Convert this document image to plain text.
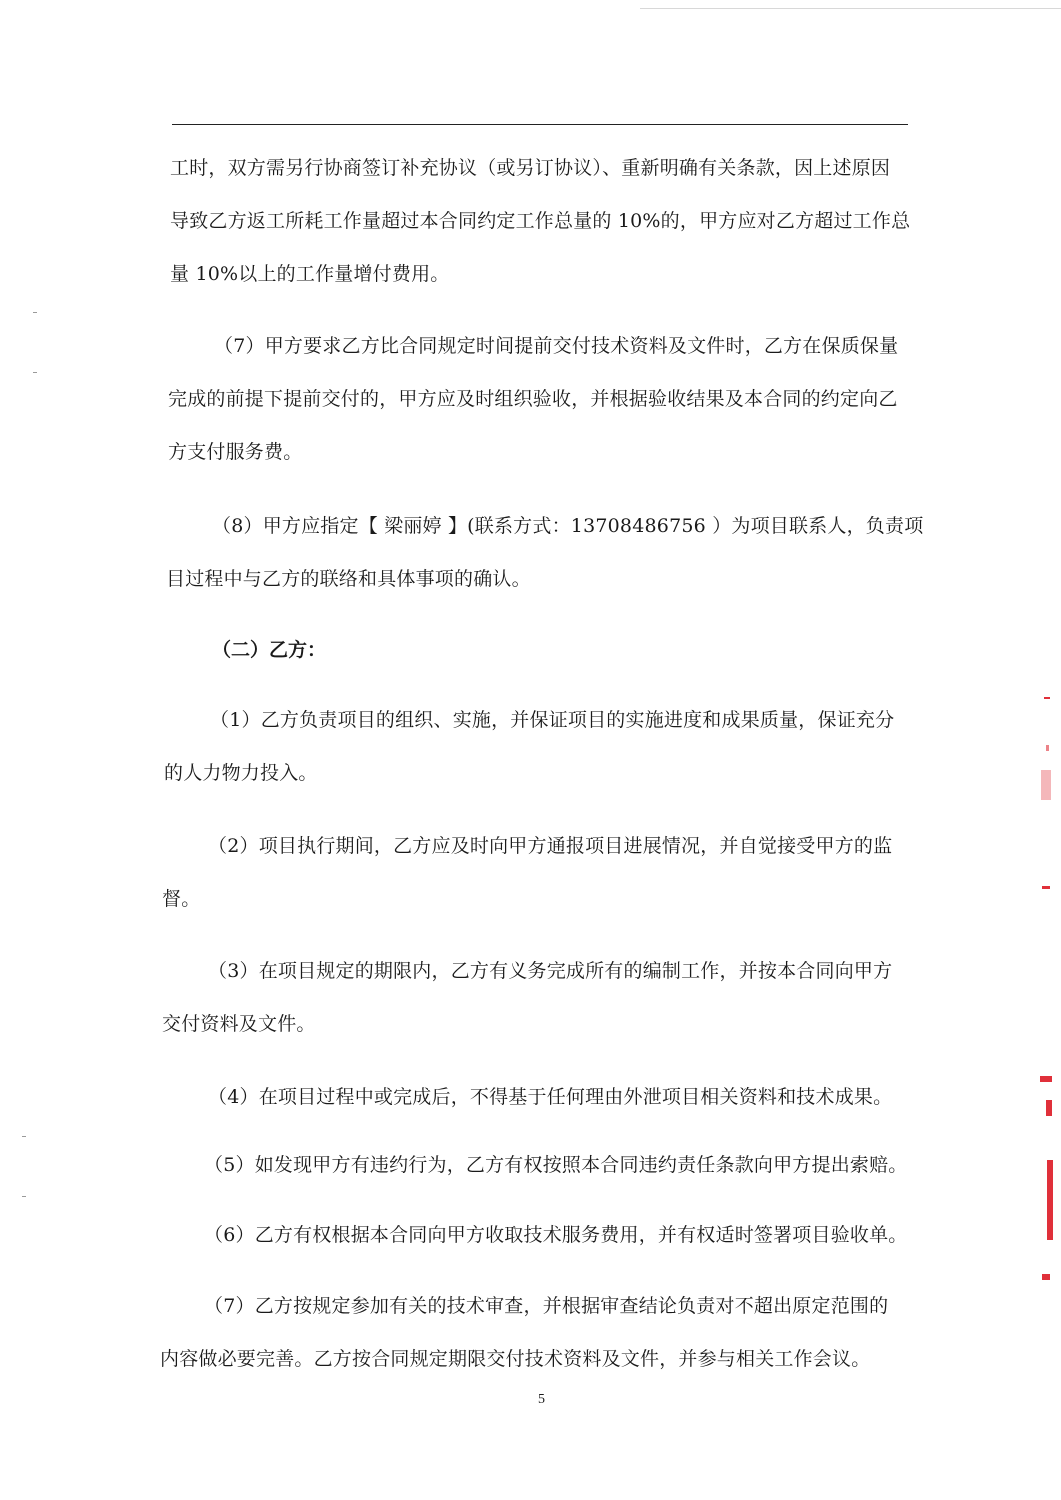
工时，双方需另行协商签订补充协议（或另订协议）、重新明确有关条款，因上述原因
导致乙方返工所耗工作量超过本合同约定工作总量的 10%的，甲方应对乙方超过工作总
量 10%以上的工作量增付费用。
（7）甲方要求乙方比合同规定时间提前交付技术资料及文件时，乙方在保质保量
完成的前提下提前交付的，甲方应及时组织验收，并根据验收结果及本合同的约定向乙
方支付服务费。
（8）甲方应指定【 梁丽婷 】(联系方式：13708486756 ）为项目联系人，负责项
目过程中与乙方的联络和具体事项的确认。
（二）乙方：
（1）乙方负责项目的组织、实施，并保证项目的实施进度和成果质量，保证充分
的人力物力投入。
（2）项目执行期间，乙方应及时向甲方通报项目进展情况，并自觉接受甲方的监
督。
（3）在项目规定的期限内，乙方有义务完成所有的编制工作，并按本合同向甲方
交付资料及文件。
（4）在项目过程中或完成后，不得基于任何理由外泄项目相关资料和技术成果。
（5）如发现甲方有违约行为，乙方有权按照本合同违约责任条款向甲方提出索赔。
（6）乙方有权根据本合同向甲方收取技术服务费用，并有权适时签署项目验收单。
（7）乙方按规定参加有关的技术审查，并根据审查结论负责对不超出原定范围的
内容做必要完善。乙方按合同规定期限交付技术资料及文件，并参与相关工作会议。
5
